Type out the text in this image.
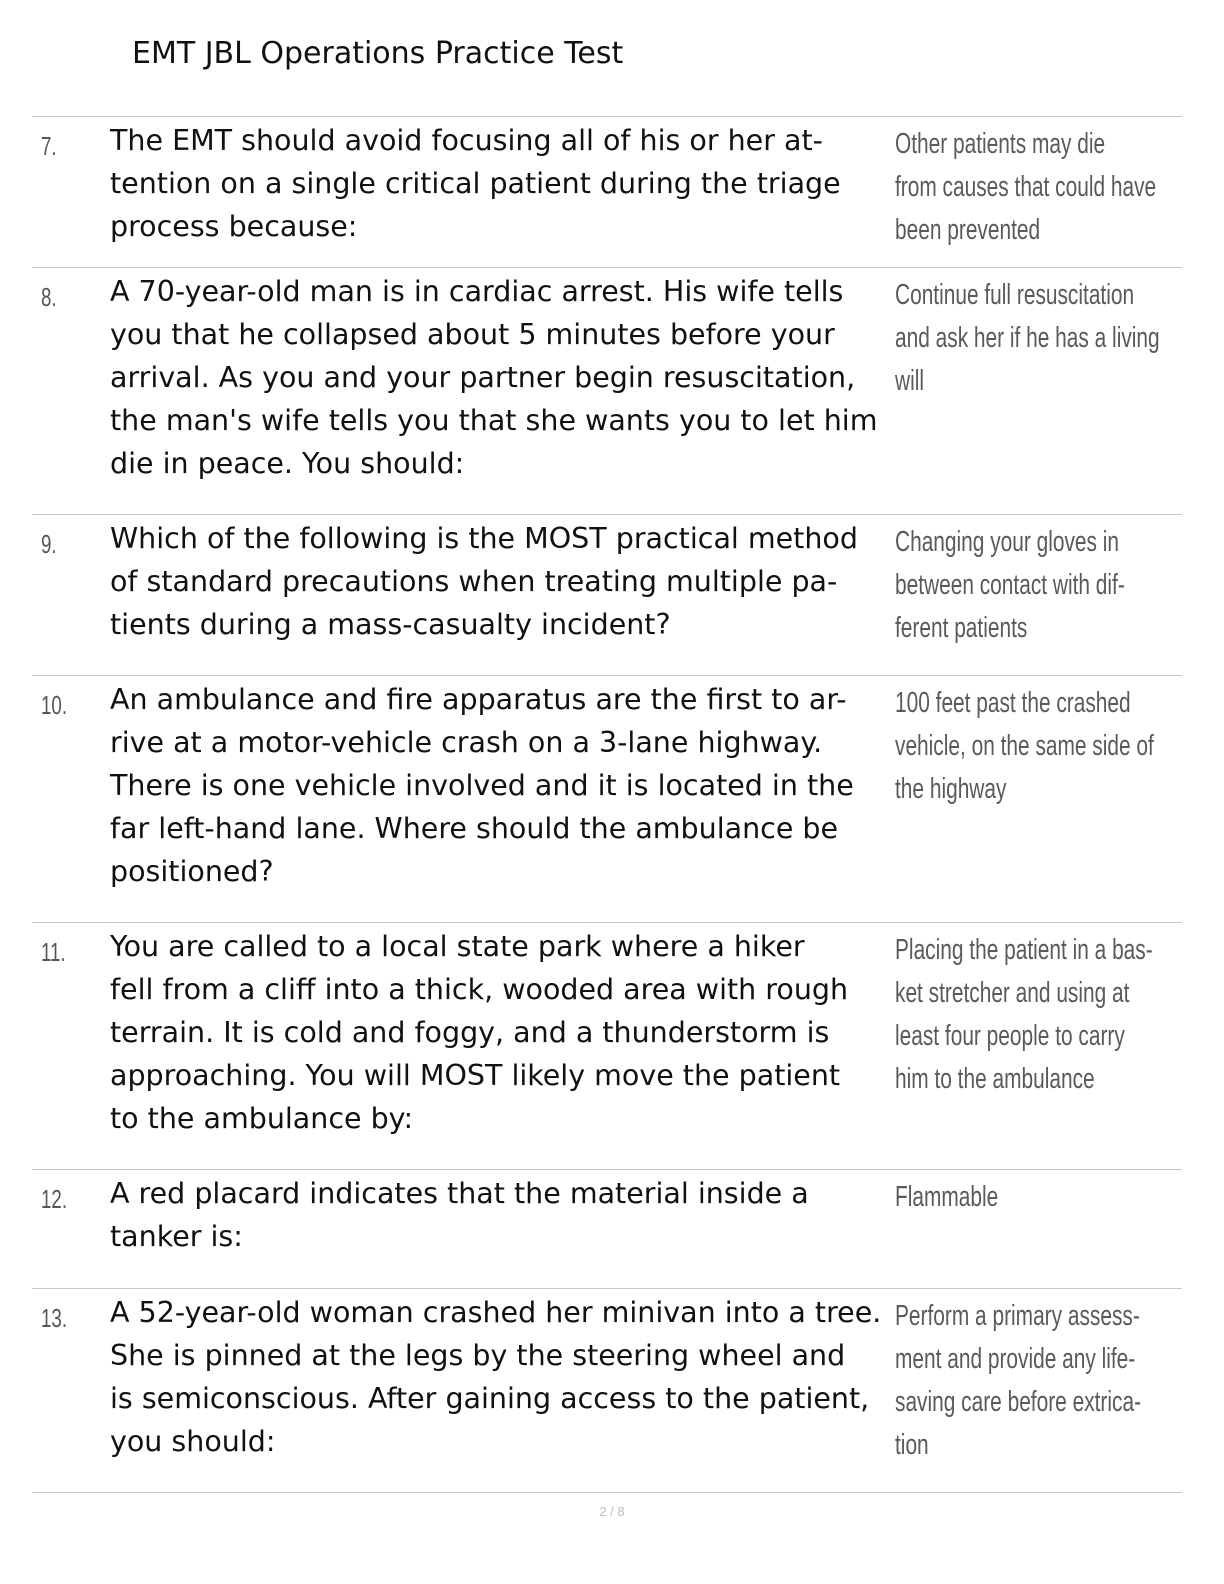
EMT JBL Operations Practice Test
7. The EMT should avoid focusing all of his or her at-
tention on a single critical patient during the triage
process because:

Other patients may die
from causes that could have
been prevented

8. A 70-year-old man is in cardiac arrest. His wife tells
you that he collapsed about 5 minutes before your
arrival. As you and your partner begin resuscitation,
the man's wife tells you that she wants you to let him
die in peace. You should:

Continue full resuscitation
and ask her if he has a living
will

9. Which of the following is the MOST practical method
of standard precautions when treating multiple pa-
tients during a mass-casualty incident?

Changing your gloves in
between contact with dif-
ferent patients

10. An ambulance and fire apparatus are the first to ar-
rive at a motor-vehicle crash on a 3-lane highway.
There is one vehicle involved and it is located in the
far left-hand lane. Where should the ambulance be
positioned?

100 feet past the crashed
vehicle, on the same side of
the highway

11. You are called to a local state park where a hiker
fell from a cliff into a thick, wooded area with rough
terrain. It is cold and foggy, and a thunderstorm is
approaching. You will MOST likely move the patient
to the ambulance by:

Placing the patient in a bas-
ket stretcher and using at
least four people to carry
him to the ambulance

12. A red placard indicates that the material inside a
tanker is:

Flammable

13. A 52-year-old woman crashed her minivan into a tree.
She is pinned at the legs by the steering wheel and
is semiconscious. After gaining access to the patient,
you should:

Perform a primary assess-
ment and provide any life-
saving care before extrica-
tion

2 / 8
